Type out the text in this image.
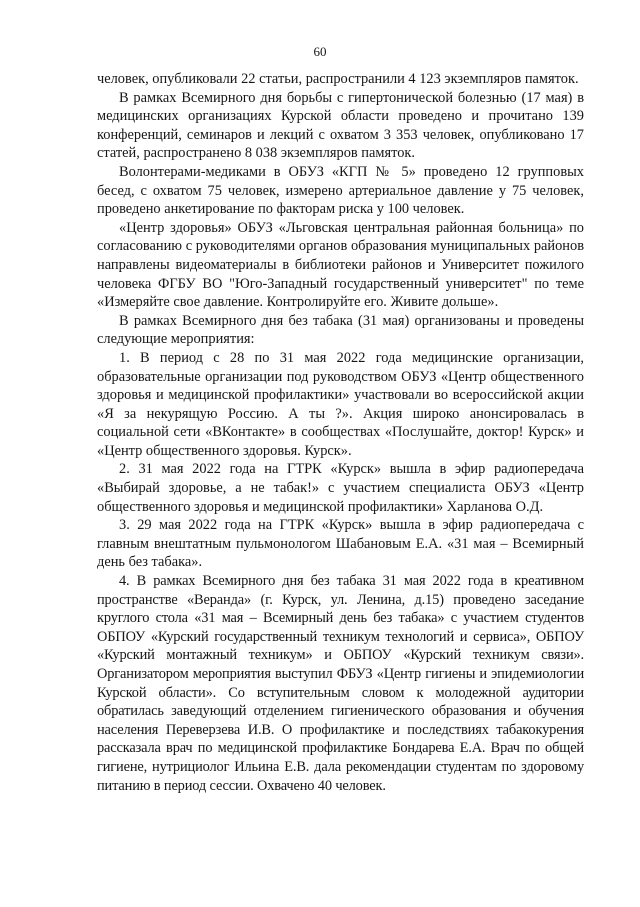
60

человек, опубликовали 22 статьи, распространили 4 123 экземпляров памяток.

В рамках Всемирного дня борьбы с гипертонической болезнью (17 мая) в медицинских организациях Курской области проведено и прочитано 139 конференций, семинаров и лекций с охватом 3 353 человек, опубликовано 17 статей, распространено 8 038 экземпляров памяток.

Волонтерами-медиками в ОБУЗ «КГП № 5» проведено 12 групповых бесед, с охватом 75 человек, измерено артериальное давление у 75 человек, проведено анкетирование по факторам риска у 100 человек.

«Центр здоровья» ОБУЗ «Льговская центральная районная больница» по согласованию с руководителями органов образования муниципальных районов направлены видеоматериалы в библиотеки районов и Университет пожилого человека ФГБУ ВО "Юго-Западный государственный университет" по теме «Измеряйте свое давление. Контролируйте его. Живите дольше».

В рамках Всемирного дня без табака (31 мая) организованы и проведены следующие мероприятия:

1. В период с 28 по 31 мая 2022 года медицинские организации, образовательные организации под руководством ОБУЗ «Центр общественного здоровья и медицинской профилактики» участвовали во всероссийской акции «Я за некурящую Россию. А ты ?». Акция широко анонсировалась в социальной сети «ВКонтакте» в сообществах «Послушайте, доктор! Курск» и «Центр общественного здоровья. Курск».

2. 31 мая 2022 года на ГТРК «Курск» вышла в эфир радиопередача «Выбирай здоровье, а не табак!» с участием специалиста ОБУЗ «Центр общественного здоровья и медицинской профилактики» Харланова О.Д.

3. 29 мая 2022 года на ГТРК «Курск» вышла в эфир радиопередача с главным внештатным пульмонологом Шабановым Е.А. «31 мая – Всемирный день без табака».

4. В рамках Всемирного дня без табака 31 мая 2022 года в креативном пространстве «Веранда» (г. Курск, ул. Ленина, д.15) проведено заседание круглого стола «31 мая – Всемирный день без табака» с участием студентов ОБПОУ «Курский государственный техникум технологий и сервиса», ОБПОУ «Курский монтажный техникум» и ОБПОУ «Курский техникум связи». Организатором мероприятия выступил ФБУЗ «Центр гигиены и эпидемиологии Курской области». Со вступительным словом к молодежной аудитории обратилась заведующий отделением гигиенического образования и обучения населения Переверзева И.В. О профилактике и последствиях табакокурения рассказала врач по медицинской профилактике Бондарева Е.А. Врач по общей гигиене, нутрициолог Ильина Е.В. дала рекомендации студентам по здоровому питанию в период сессии. Охвачено 40 человек.
